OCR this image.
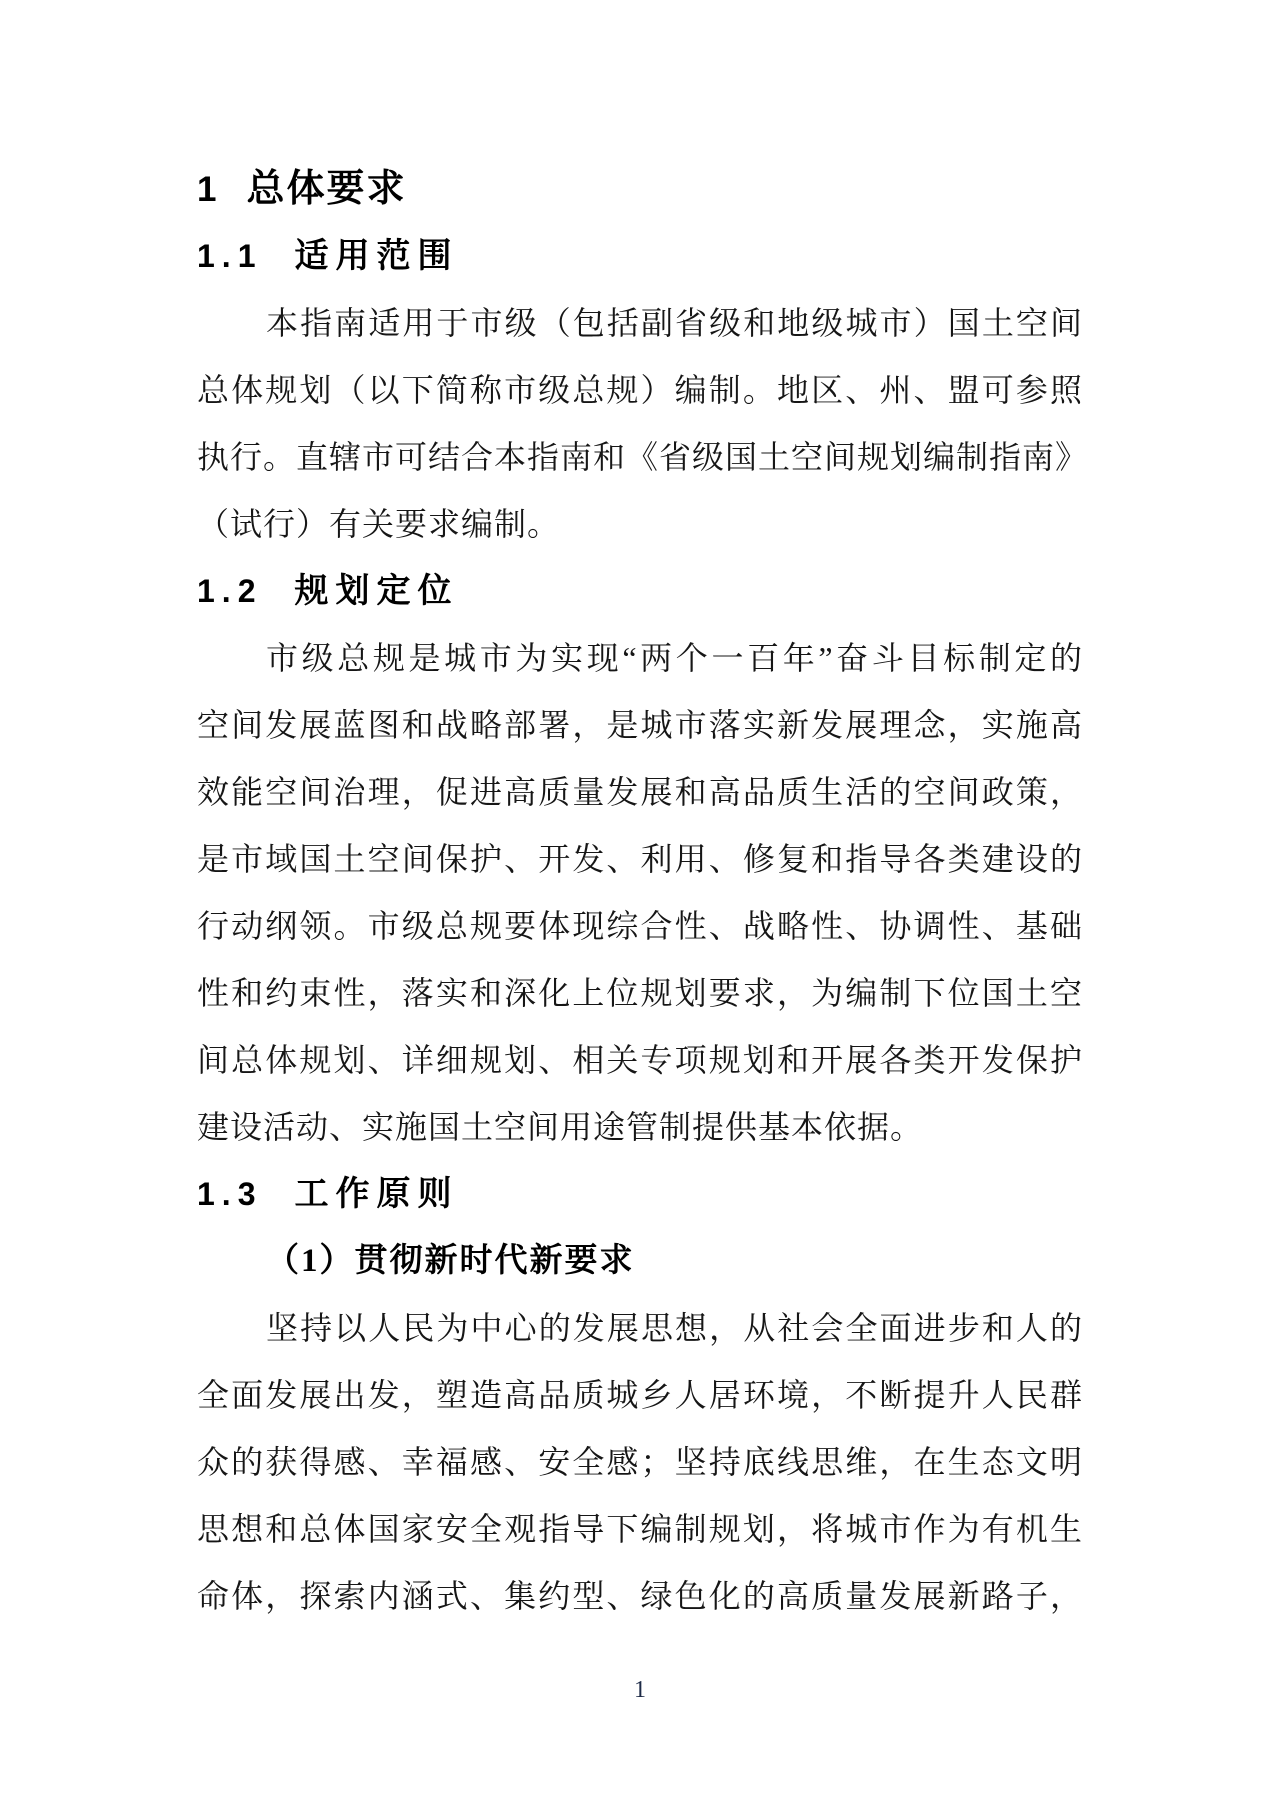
1 总体要求
1.1 适用范围
本指南适用于市级（包括副省级和地级城市）国土空间
总体规划（以下简称市级总规）编制。地区、州、盟可参照
执行。直辖市可结合本指南和《省级国土空间规划编制指南》
（试行）有关要求编制。
1.2 规划定位
市级总规是城市为实现“两个一百年”奋斗目标制定的
空间发展蓝图和战略部署，是城市落实新发展理念，实施高
效能空间治理，促进高质量发展和高品质生活的空间政策，
是市域国土空间保护、开发、利用、修复和指导各类建设的
行动纲领。市级总规要体现综合性、战略性、协调性、基础
性和约束性，落实和深化上位规划要求，为编制下位国土空
间总体规划、详细规划、相关专项规划和开展各类开发保护
建设活动、实施国土空间用途管制提供基本依据。
1.3 工作原则
（1）贯彻新时代新要求
坚持以人民为中心的发展思想，从社会全面进步和人的
全面发展出发，塑造高品质城乡人居环境，不断提升人民群
众的获得感、幸福感、安全感；坚持底线思维，在生态文明
思想和总体国家安全观指导下编制规划，将城市作为有机生
命体，探索内涵式、集约型、绿色化的高质量发展新路子，
1
